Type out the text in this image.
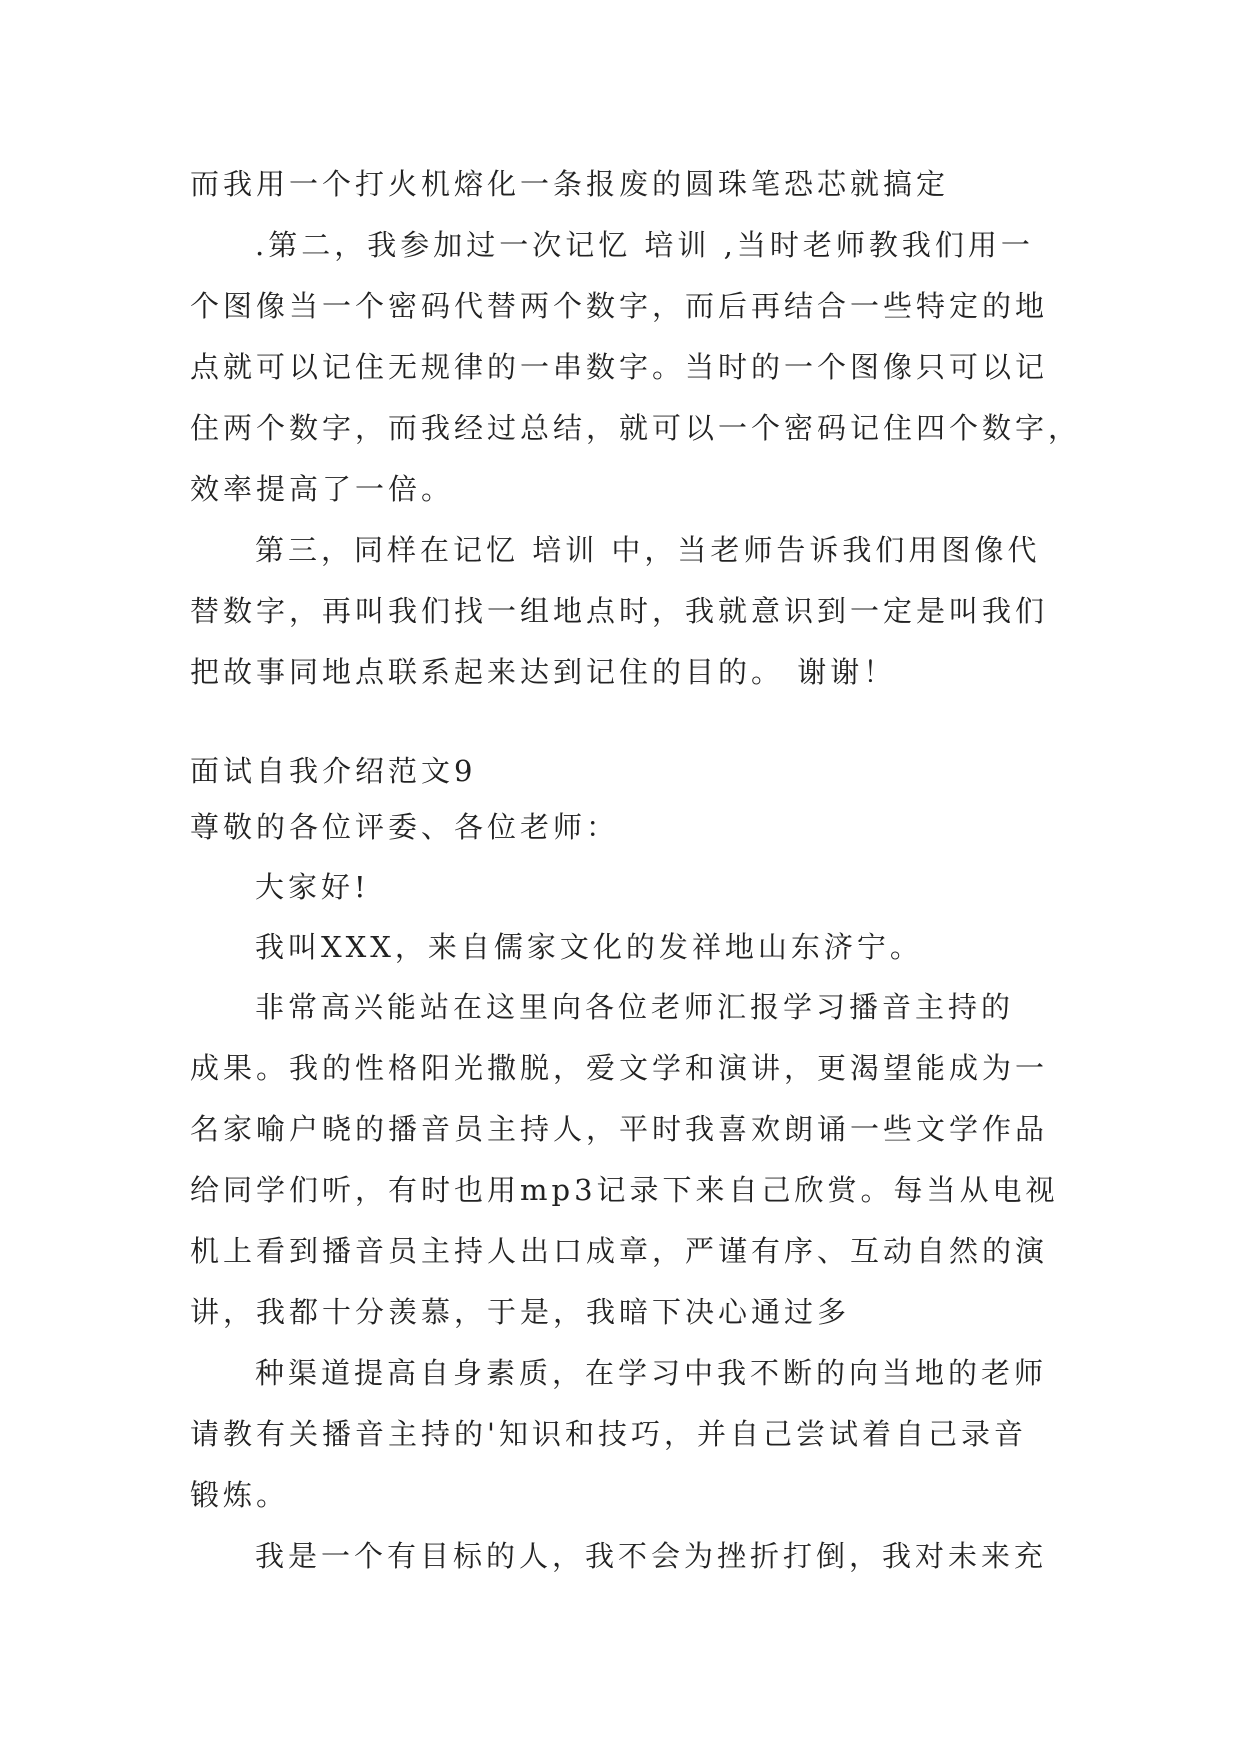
而我用一个打火机熔化一条报废的圆珠笔恐芯就搞定
.第二，我参加过一次记忆 培训 ,当时老师教我们用一
个图像当一个密码代替两个数字，而后再结合一些特定的地
点就可以记住无规律的一串数字。当时的一个图像只可以记
住两个数字，而我经过总结，就可以一个密码记住四个数字，
效率提高了一倍。
第三，同样在记忆 培训 中，当老师告诉我们用图像代
替数字，再叫我们找一组地点时，我就意识到一定是叫我们
把故事同地点联系起来达到记住的目的。 谢谢！
面试自我介绍范文9
尊敬的各位评委、各位老师：
大家好!
我叫XXX，来自儒家文化的发祥地山东济宁。
非常高兴能站在这里向各位老师汇报学习播音主持的
成果。我的性格阳光撒脱，爱文学和演讲，更渴望能成为一
名家喻户晓的播音员主持人，平时我喜欢朗诵一些文学作品
给同学们听，有时也用mp3记录下来自己欣赏。每当从电视
机上看到播音员主持人出口成章，严谨有序、互动自然的演
讲，我都十分羡慕，于是，我暗下决心通过多
种渠道提高自身素质，在学习中我不断的向当地的老师
请教有关播音主持的'知识和技巧，并自己尝试着自己录音
锻炼。
我是一个有目标的人，我不会为挫折打倒，我对未来充
